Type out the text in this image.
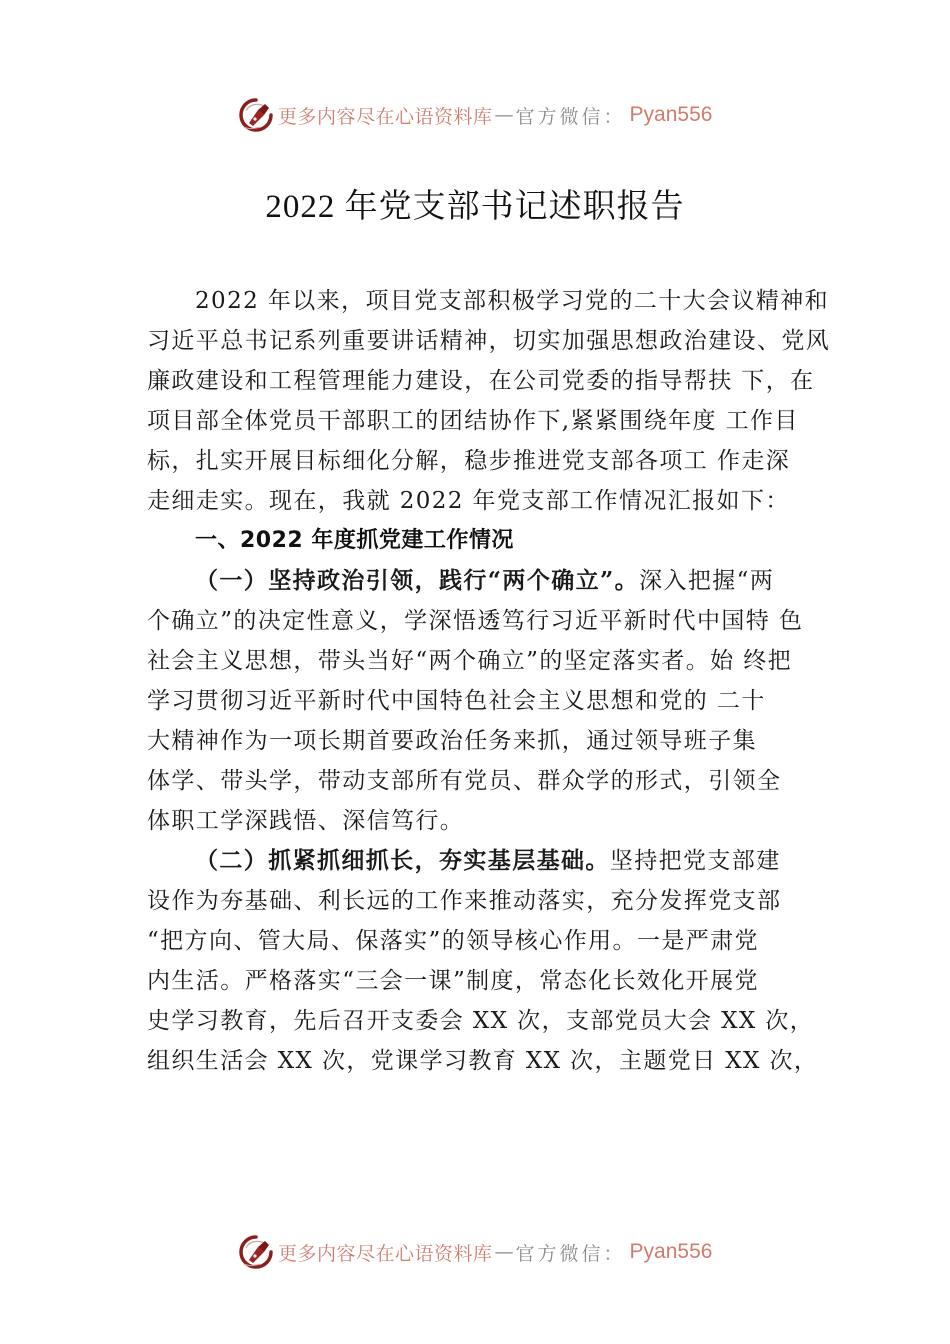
更多内容尽在心语资料库 — 官方微信： Pyan556
2022 年党支部书记述职报告
2022 年以来，项目党支部积极学习党的二十大会议精神和
习近平总书记系列重要讲话精神，切实加强思想政治建设、党风
廉政建设和工程管理能力建设，在公司党委的指导帮扶 下，在
项目部全体党员干部职工的团结协作下,紧紧围绕年度 工作目
标，扎实开展目标细化分解，稳步推进党支部各项工 作走深
走细走实。现在，我就 2022 年党支部工作情况汇报如下：
一、2022 年度抓党建工作情况
（一）坚持政治引领，践行“两个确立”。深入把握“两
个确立”的决定性意义，学深悟透笃行习近平新时代中国特 色
社会主义思想，带头当好“两个确立”的坚定落实者。始 终把
学习贯彻习近平新时代中国特色社会主义思想和党的 二十
大精神作为一项长期首要政治任务来抓，通过领导班子集
体学、带头学，带动支部所有党员、群众学的形式，引领全
体职工学深践悟、深信笃行。
（二）抓紧抓细抓长，夯实基层基础。坚持把党支部建
设作为夯基础、利长远的工作来推动落实，充分发挥党支部
“把方向、管大局、保落实”的领导核心作用。一是严肃党
内生活。严格落实“三会一课”制度，常态化长效化开展党
史学习教育，先后召开支委会 XX 次，支部党员大会 XX 次，
组织生活会 XX 次，党课学习教育 XX 次，主题党日 XX 次，
更多内容尽在心语资料库 — 官方微信： Pyan556
